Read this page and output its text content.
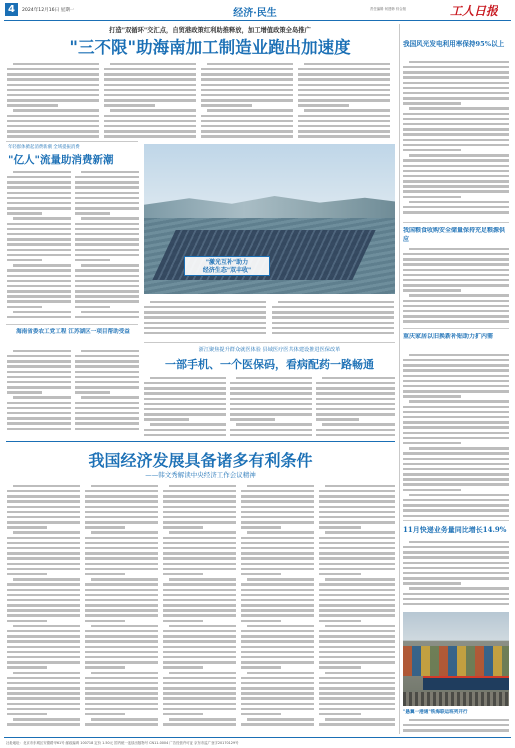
4	2024年12月16日 星期一	经济·民生	责任编辑 何建韩 综合版	工人日报
打造"双循环"交汇点，自贸港政策红利助推释放，加工增值政策全岛推广
"三不限"助海南加工制造业跑出加速度
年轻群体掀起消费新潮 全域提振消费
"亿人"流量助消费新潮
海南省委农工党工程 江苏湖区一项目帮助受益
"激光互补"助力
经济生态"双丰收"
浙江聚焦提升群众就医体验 县域医疗医共体建设推进医保改革
一部手机、一个医保码，看病配药一路畅通
我国经济发展具备诸多有利条件
——韩文秀解读中央经济工作会议精神
我国风光发电利用率保持95%以上
我国粮食收购安全储量保持充足粮源供应
重庆家居以旧换新补贴助力扩内需
11月快递业务量同比增长14.9%
"悬翼一港通"铁海联运班列开行
社址地址：北京市东城区安德路甲61号 邮政编码 100718 定价 1.50元 国内统一连续出版物号 CN11-0004 广告经营许可证 京东市监广登字20170129号
